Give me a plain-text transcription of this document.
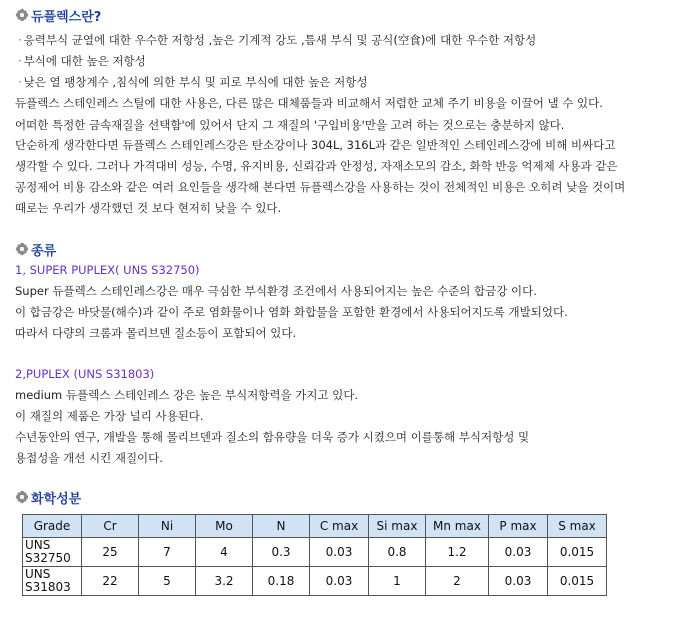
듀플렉스란?
· 응력부식 균열에 대한 우수한 저항성 ,높은 기계적 강도 ,틈새 부식 및 공식(空食)에 대한 우수한 저항성
· 부식에 대한 높은 저항성
· 낮은 열 팽창계수 ,침식에 의한 부식 및 피로 부식에 대한 높은 저항성
듀플렉스 스테인레스 스틸에 대한 사용은, 다른 많은 대체품들과 비교해서 저렴한 교체 주기 비용을 이끌어 낼 수 있다.
어떠한 특정한 금속재질을 선택함'에 있어서 단지 그 재질의 '구입비용'만을 고려 하는 것으로는 충분하지 않다.
단순하게 생각한다면 듀플렉스 스테인레스강은 탄소강이나 304L, 316L과 같은 일반적인 스테인레스강에 비해 비싸다고
생각할 수 있다. 그러나 가격대비 성능, 수명, 유지비용, 신뢰감과 안정성, 자재소모의 감소, 화학 반응 억제제 사용과 같은
공정제어 비용 감소와 같은 여러 요인들을 생각해 본다면 듀플렉스강을 사용하는 것이 전체적인 비용은 오히려 낮을 것이며
때로는 우리가 생각했던 것 보다 현저히 낮을 수 있다.
종류
1, SUPER PUPLEX( UNS S32750)
Super 듀플렉스 스테인레스강은 매우 극심한 부식환경 조건에서 사용되어지는 높은 수준의 합금강 이다.
이 합금강은 바닷물(해수)과 같이 주로 염화물이나 염화 화합물을 포함한 환경에서 사용되어지도록 개발되었다.
따라서 다량의 크롬과 몰리브덴 질소등이 포함되어 있다.
2,PUPLEX (UNS S31803)
medium 듀플렉스 스테인레스 강은 높은 부식저항력을 가지고 있다.
이 재질의 제품은 가장 널리 사용된다.
수년동안의 연구, 개발을 통해 몰리브덴과 질소의 함유량을 더욱 증가 시켰으며 이를통해 부식저항성 및
용접성을 개선 시킨 재질이다.
화학성분
Grade	Cr	Ni	Mo	N	C max	Si max	Mn max	P max	S max
UNS
S32750	25	7	4	0.3	0.03	0.8	1.2	0.03	0.015
UNS
S31803	22	5	3.2	0.18	0.03	1	2	0.03	0.015
